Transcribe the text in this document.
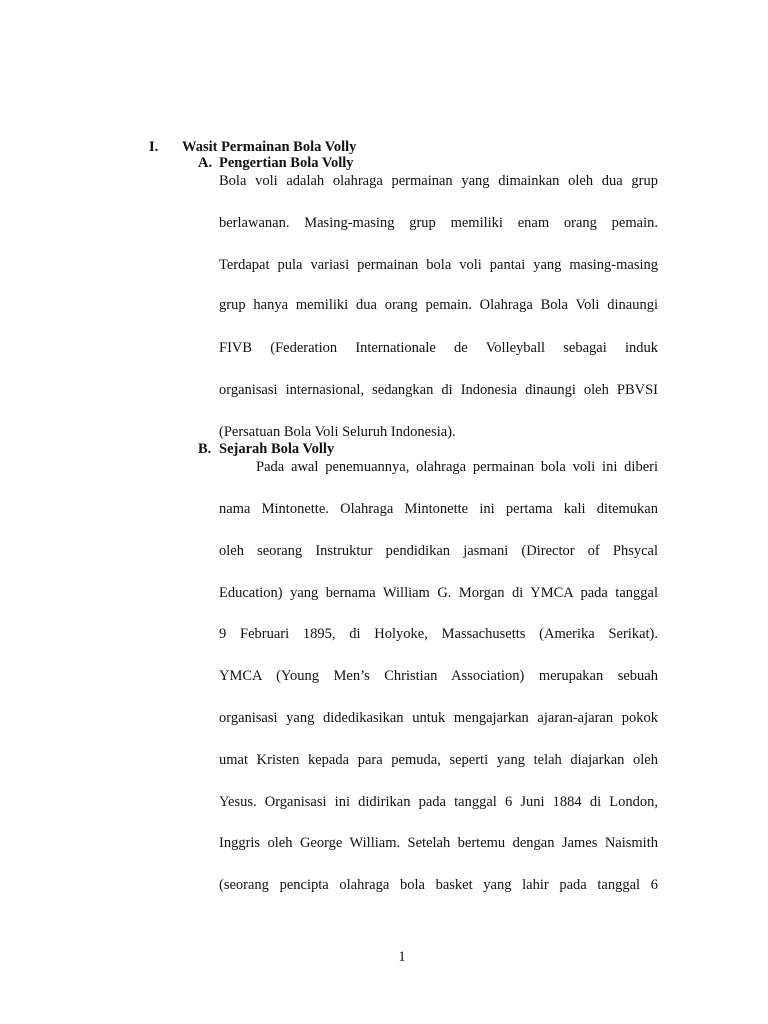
I. Wasit Permainan Bola Volly
A. Pengertian Bola Volly
Bola voli adalah olahraga permainan yang dimainkan oleh dua grup
berlawanan. Masing-masing grup memiliki enam orang pemain.
Terdapat pula variasi permainan bola voli pantai yang masing-masing
grup hanya memiliki dua orang pemain. Olahraga Bola Voli dinaungi
FIVB (Federation Internationale de Volleyball sebagai induk
organisasi internasional, sedangkan di Indonesia dinaungi oleh PBVSI
(Persatuan Bola Voli Seluruh Indonesia).
B. Sejarah Bola Volly
Pada awal penemuannya, olahraga permainan bola voli ini diberi
nama Mintonette. Olahraga Mintonette ini pertama kali ditemukan
oleh seorang Instruktur pendidikan jasmani (Director of Phsycal
Education) yang bernama William G. Morgan di YMCA pada tanggal
9 Februari 1895, di Holyoke, Massachusetts (Amerika Serikat).
YMCA (Young Men’s Christian Association) merupakan sebuah
organisasi yang didedikasikan untuk mengajarkan ajaran-ajaran pokok
umat Kristen kepada para pemuda, seperti yang telah diajarkan oleh
Yesus. Organisasi ini didirikan pada tanggal 6 Juni 1884 di London,
Inggris oleh George William. Setelah bertemu dengan James Naismith
(seorang pencipta olahraga bola basket yang lahir pada tanggal 6
1
